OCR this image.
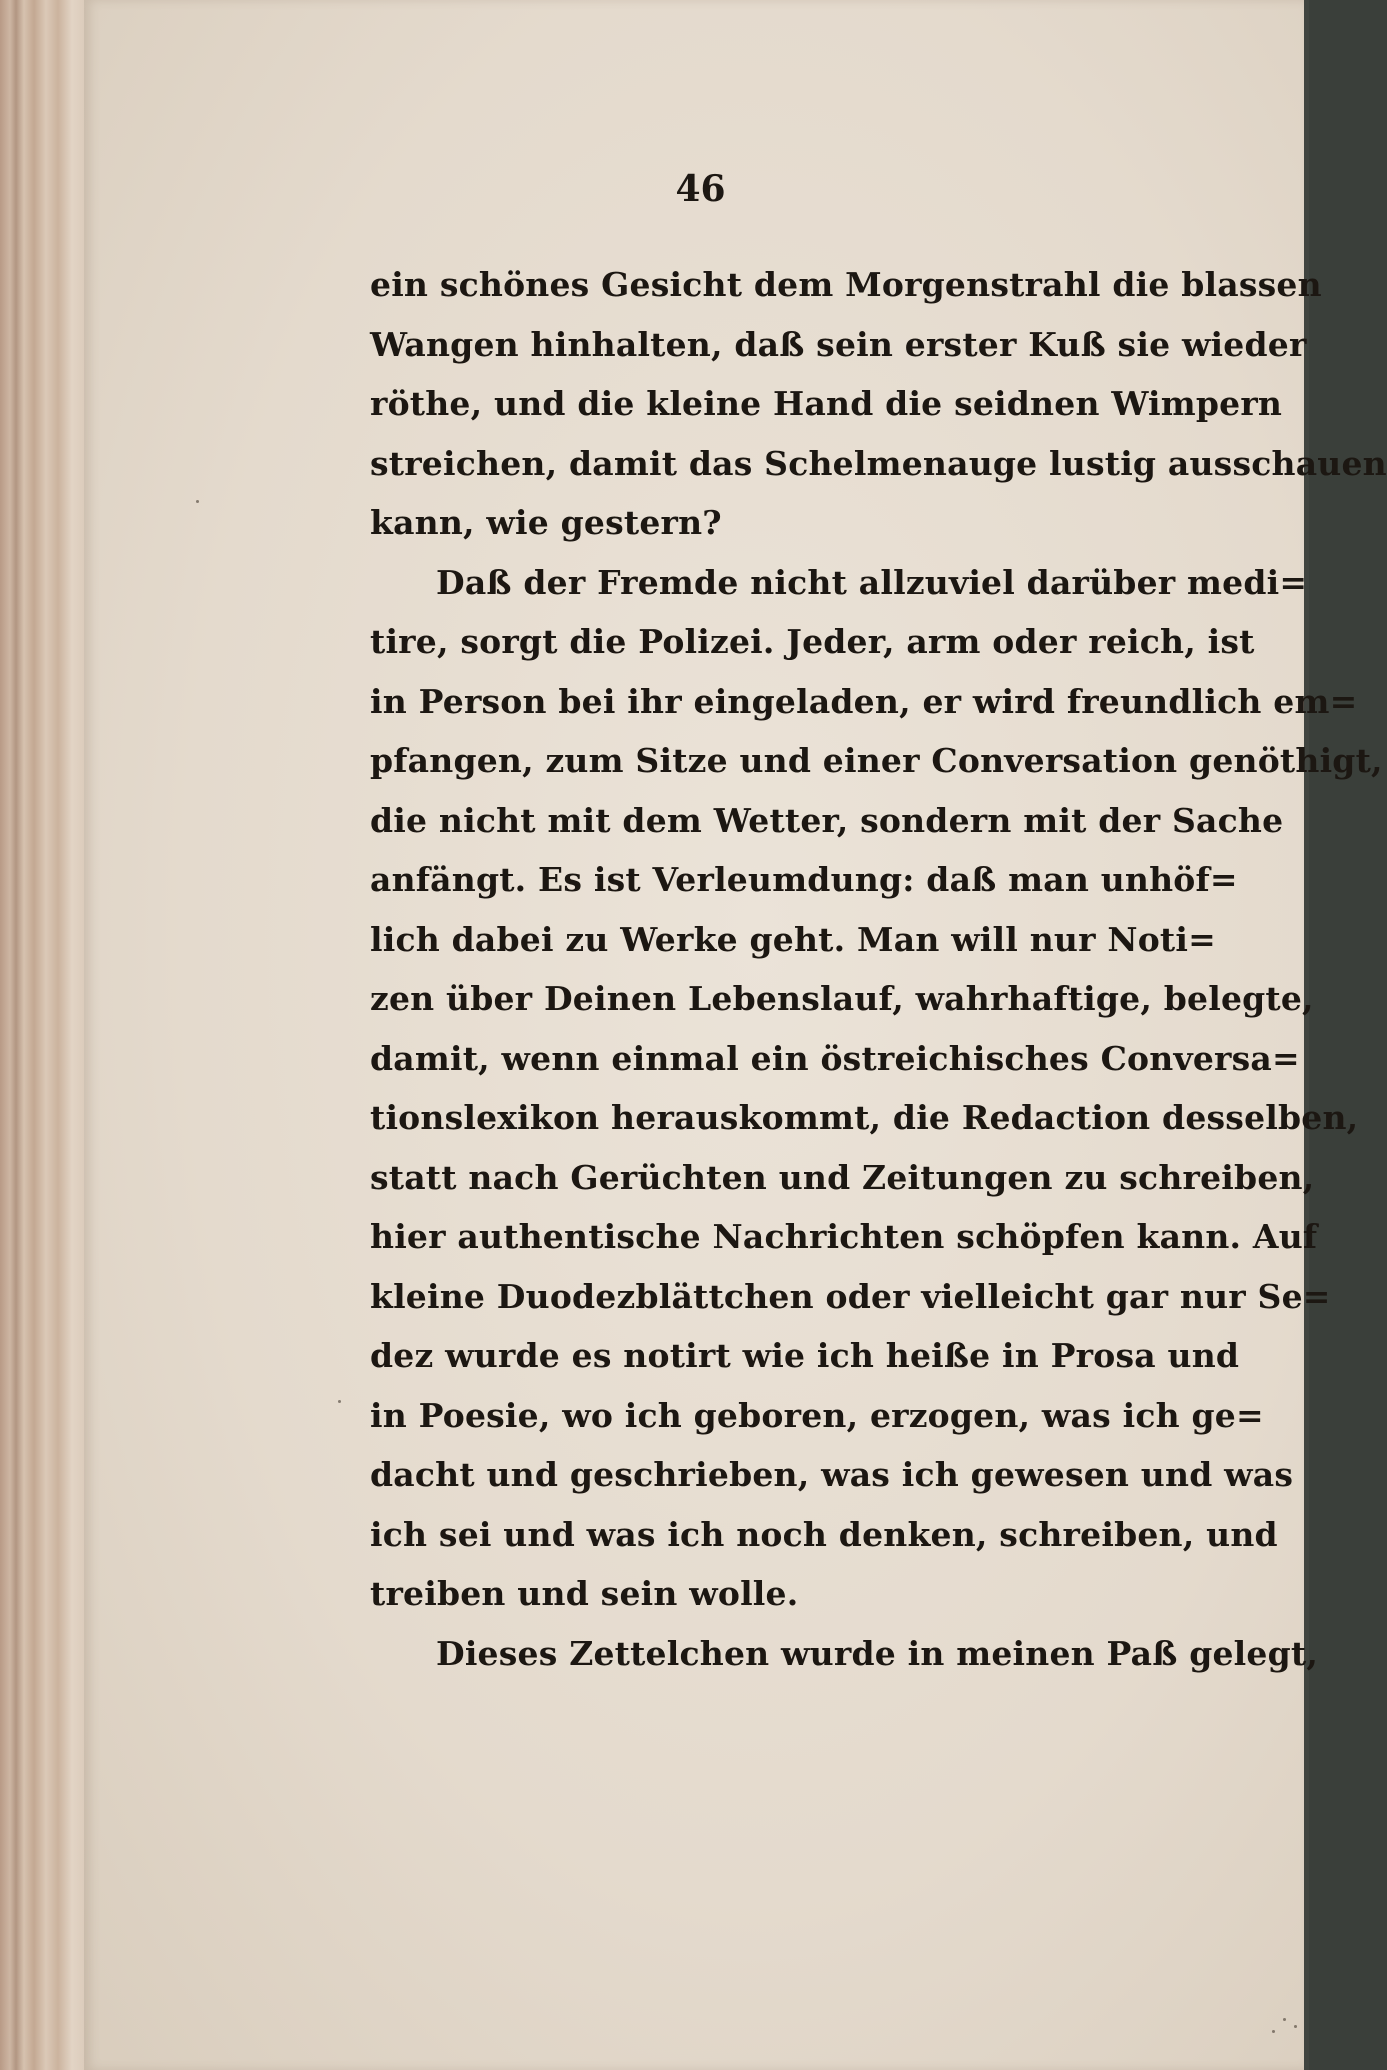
46
ein schönes Gesicht dem Morgenstrahl die blassen
Wangen hinhalten, daß sein erster Kuß sie wieder
röthe, und die kleine Hand die seidnen Wimpern
streichen, damit das Schelmenauge lustig ausschauen
kann, wie gestern?
Daß der Fremde nicht allzuviel darüber medi=
tire, sorgt die Polizei. Jeder, arm oder reich, ist
in Person bei ihr eingeladen, er wird freundlich em=
pfangen, zum Sitze und einer Conversation genöthigt,
die nicht mit dem Wetter, sondern mit der Sache
anfängt. Es ist Verleumdung: daß man unhöf=
lich dabei zu Werke geht. Man will nur Noti=
zen über Deinen Lebenslauf, wahrhaftige, belegte,
damit, wenn einmal ein östreichisches Conversa=
tionslexikon herauskommt, die Redaction desselben,
statt nach Gerüchten und Zeitungen zu schreiben,
hier authentische Nachrichten schöpfen kann. Auf
kleine Duodezblättchen oder vielleicht gar nur Se=
dez wurde es notirt wie ich heiße in Prosa und
in Poesie, wo ich geboren, erzogen, was ich ge=
dacht und geschrieben, was ich gewesen und was
ich sei und was ich noch denken, schreiben, und
treiben und sein wolle.
Dieses Zettelchen wurde in meinen Paß gelegt,
